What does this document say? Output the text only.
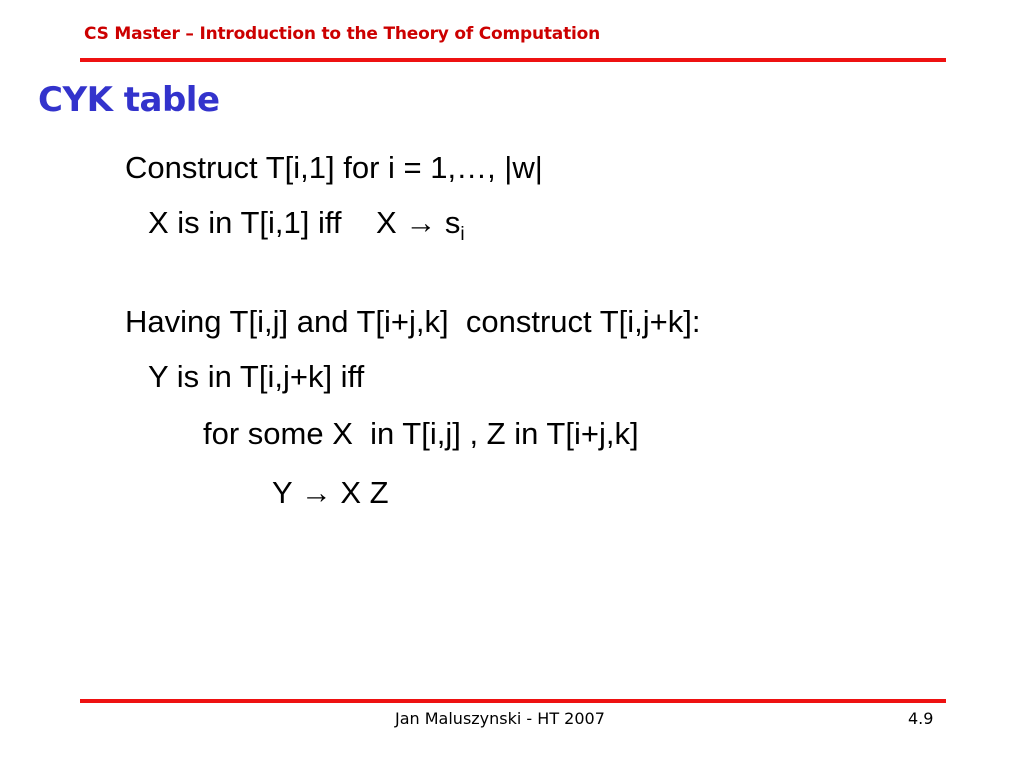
CS Master – Introduction to the Theory of Computation
CYK table
Construct T[i,1] for i = 1,…, |w|
X is in T[i,1] iff    $X \to s_i$
Having T[i,j] and T[i+j,k]  construct T[i,j+k]:
Y is in T[i,j+k] iff
for some X  in T[i,j] , Z in T[i+j,k]
Y → X Z
Jan Maluszynski - HT 2007	4.9
